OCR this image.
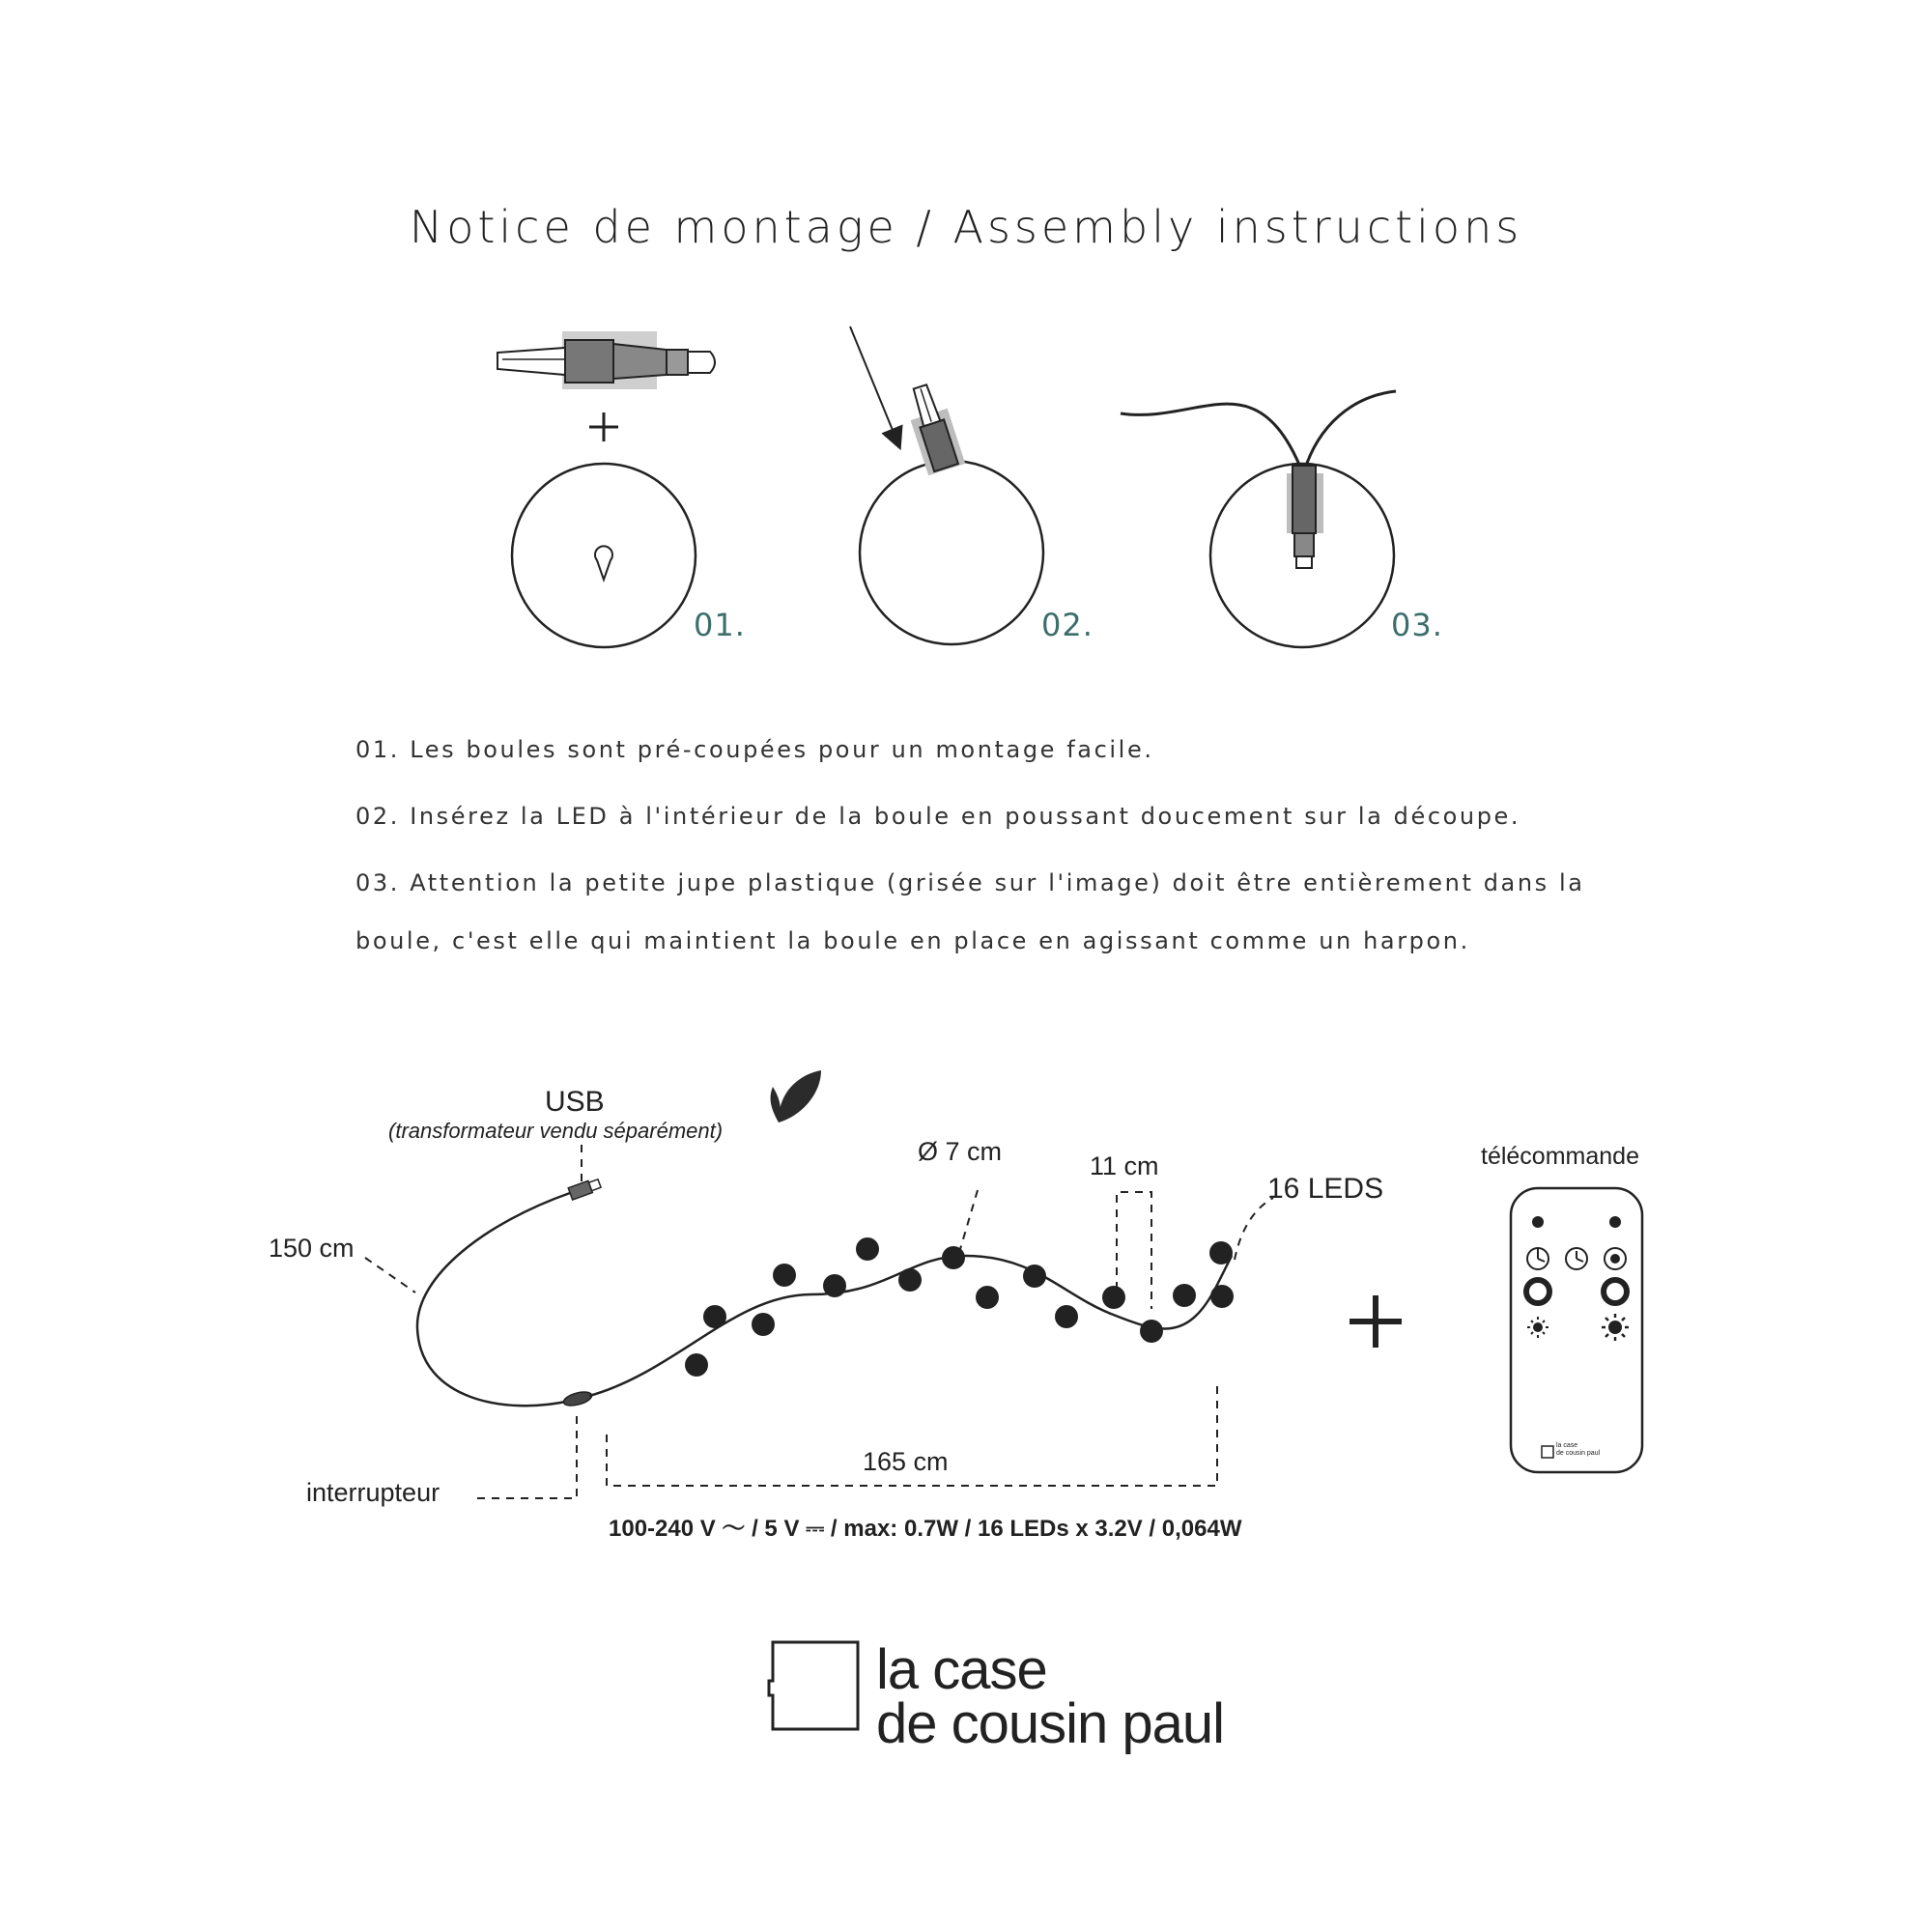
Notice de montage / Assembly instructions
01.	02.	03.
01. Les boules sont pré-coupées pour un montage facile.
02. Insérez la LED à l'intérieur de la boule en poussant doucement sur la découpe.
03. Attention la petite jupe plastique (grisée sur l'image) doit être entièrement dans la
boule, c'est elle qui maintient la boule en place en agissant comme un harpon.
USB
(transformateur vendu séparément)
150 cm
Ø 7 cm	11 cm
16 LEDS
interrupteur
165 cm
100-240 V ～ / 5 V ⎓ / max: 0.7W / 16 LEDs x 3.2V / 0,064W
télécommande
la case
de cousin paul
la case
de cousin paul
